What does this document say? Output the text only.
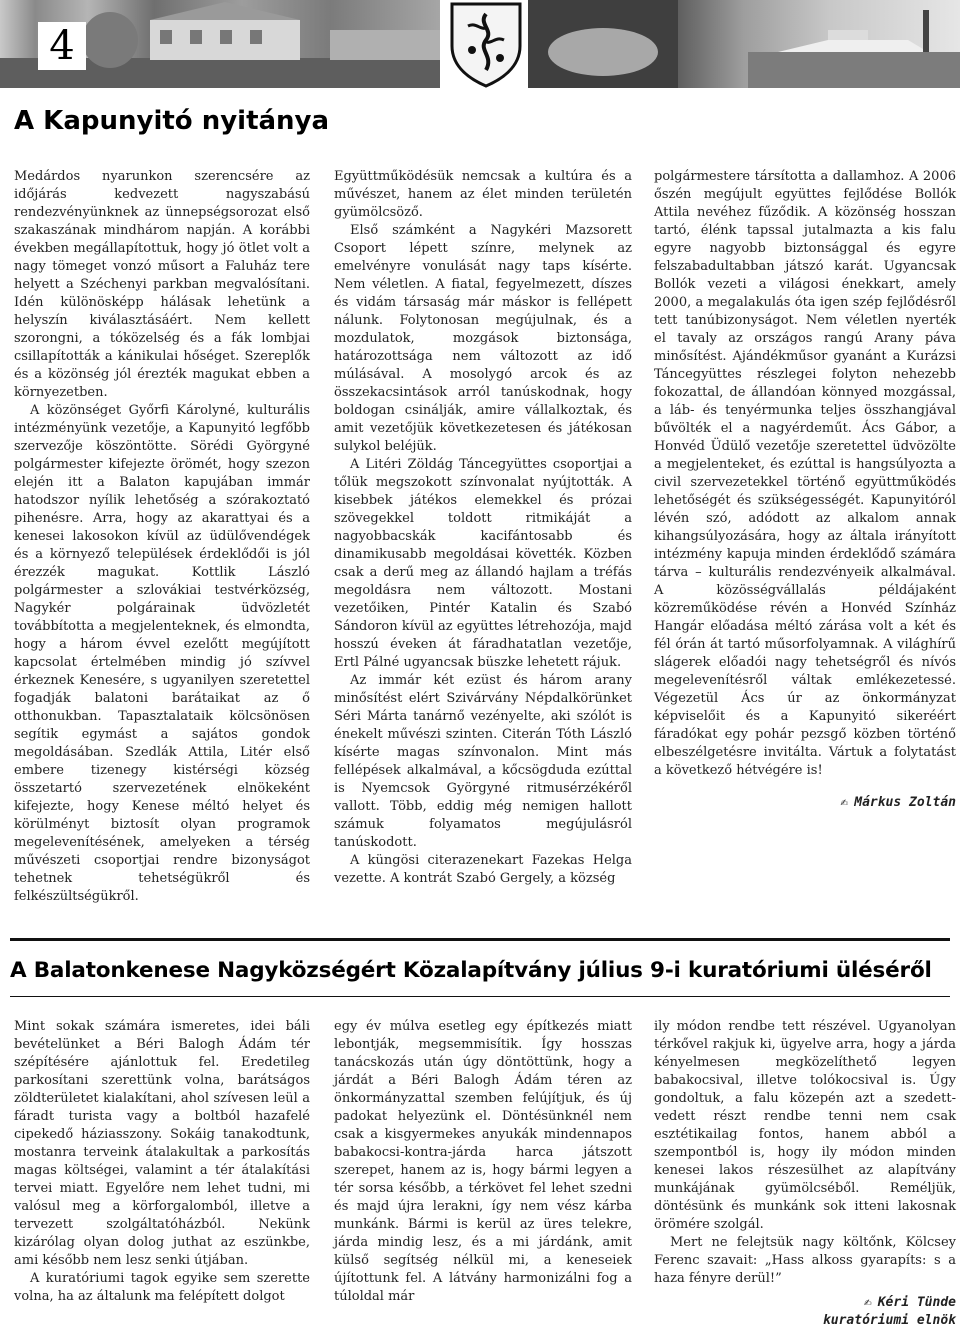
4
A Kapunyitó nyitánya

Medárdos nyarunkon szerencsére az időjárás kedvezett nagyszabású rendezvényünknek az ünnepségsorozat első szakaszának mindhárom napján. A korábbi években megállapítottuk, hogy jó ötlet volt a nagy tömeget vonzó műsort a Faluház tere helyett a Széchenyi parkban megvalósítani. Idén különösképp hálásak lehetünk a helyszín kiválasztásáért. Nem kellett szorongni, a tóközelség és a fák lombjai csillapították a kánikulai hőséget. Szereplők és a közönség jól érezték magukat ebben a környezetben.

A közönséget Győrfi Károlyné, kulturális intézményünk vezetője, a Kapunyitó legfőbb szervezője köszöntötte. Sörédi Györgyné polgármester kifejezte örömét, hogy szezon elején itt a Balaton kapujában immár hatodszor nyílik lehetőség a szórakoztató pihenésre. Arra, hogy az akarattyai és a kenesei lakosokon kívül az üdülővendégek és a környező települések érdeklődői is jól érezzék magukat. Kottlik László polgármester a szlovákiai testvérközség, Nagykér polgárainak üdvözletét továbbította a megjelenteknek, és elmondta, hogy a három évvel ezelőtt megújított kapcsolat értelmében mindig jó szívvel érkeznek Kenesére, s ugyanilyen szeretettel fogadják balatoni barátaikat az ő otthonukban. Tapasztalataik kölcsönösen segítik egymást a sajátos gondok megoldásában. Szedlák Attila, Litér első embere tizenegy kistérségi község összetartó szervezetének elnökeként kifejezte, hogy Kenese méltó helyet és körülményt biztosít olyan programok megelevenítésének, amelyeken a térség művészeti csoportjai rendre bizonyságot tehetnek tehetségükről és felkészültségükről.

Együttműködésük nemcsak a kultúra és a művészet, hanem az élet minden területén gyümölcsöző.

Első számként a Nagykéri Mazsorett Csoport lépett színre, melynek az emelvényre vonulását nagy taps kísérte. Nem véletlen. A fiatal, fegyelmezett, díszes és vidám társaság már máskor is fellépett nálunk. Folytonosan megújulnak, és a mozdulatok, mozgások biztonsága, határozottsága nem változott az idő múlásával. A mosolygó arcok és az összekacsintások arról tanúskodnak, hogy boldogan csinálják, amire vállalkoztak, és amit vezetőjük következetesen és játékosan sulykol beléjük.

A Litéri Zöldág Táncegyüttes csoportjai a tőlük megszokott színvonalat nyújtották. A kisebbek játékos elemekkel és prózai szövegekkel toldott ritmikáját a nagyobbacskák kacifántosabb és dinamikusabb megoldásai követték. Közben csak a derű meg az állandó hajlam a tréfás megoldásra nem változott. Mostani vezetőiken, Pintér Katalin és Szabó Sándoron kívül az együttes létrehozója, majd hosszú éveken át fáradhatatlan vezetője, Ertl Pálné ugyancsak büszke lehetett rájuk.

Az immár két ezüst és három arany minősítést elért Szivárvány Népdalkörünket Séri Márta tanárnő vezényelte, aki szólót is énekelt művészi szinten. Citerán Tóth László kísérte magas színvonalon. Mint más fellépések alkalmával, a kőcsögduda ezúttal is Nyemcsok Györgyné ritmusérzékéről vallott. Több, eddig még nemigen hallott számuk folyamatos megújulásról tanúskodott.

A küngösi citerazenekart Fazekas Helga vezette. A kontrát Szabó Gergely, a község

polgármestere társította a dallamhoz. A 2006 őszén megújult együttes fejlődése Bollók Attila nevéhez fűződik. A közönség hosszan tartó, élénk tapssal jutalmazta a kis falu egyre nagyobb biztonsággal és egyre felszabadultabban játszó karát. Ugyancsak Bollók vezeti a világosi énekkart, amely 2000, a megalakulás óta igen szép fejlődésről tett tanúbizonyságot. Nem véletlen nyerték el tavaly az országos rangú Arany páva minősítést. Ajándékműsor gyanánt a Kurázsi Táncegyüttes részlegei folyton nehezebb fokozattal, de állandóan könnyed mozgással, a láb- és tenyérmunka teljes összhangjával bűvölték el a nagyérdeműt. Ács Gábor, a Honvéd Üdülő vezetője szeretettel üdvözölte a megjelenteket, és ezúttal is hangsúlyozta a civil szervezetekkel történő együttműködés lehetőségét és szükségességét. Kapunyitóról lévén szó, adódott az alkalom annak kihangsúlyozására, hogy az általa irányított intézmény kapuja minden érdeklődő számára tárva – kulturális rendezvényeik alkalmával. A közösségvállalás példájaként közreműködése révén a Honvéd Színház Hangár előadása méltó zárása volt a két és fél órán át tartó műsorfolyamnak. A világhírű slágerek előadói nagy tehetségről és nívós megelevenítésről váltak emlékezetessé. Végezetül Ács úr az önkormányzat képviselőit és a Kapunyitó sikeréért fáradókat egy pohár pezsgő közben történő elbeszélgetésre invitálta. Vártuk a folytatást a következő hétvégére is!

✍ Márkus Zoltán
A Balatonkenese Nagyközségért Közalapítvány július 9-i kuratóriumi üléséről

Mint sokak számára ismeretes, idei báli bevételünket a Béri Balogh Ádám tér szépítésére ajánlottuk fel. Eredetileg parkosítani szerettünk volna, barátságos zöldterületet kialakítani, ahol szívesen leül a fáradt turista vagy a boltból hazafelé cipekedő háziasszony. Sokáig tanakodtunk, mostanra terveink átalakultak a parkosítás magas költségei, valamint a tér átalakítási tervei miatt. Egyelőre nem lehet tudni, mi valósul meg a körforgalomból, illetve a tervezett szolgáltatóházból. Nekünk kizárólag olyan dolog juthat az eszünkbe, ami később nem lesz senki útjában.

A kuratóriumi tagok egyike sem szerette volna, ha az általunk ma felépített dolgot

egy év múlva esetleg egy építkezés miatt lebontják, megsemmisítik. Így hosszas tanácskozás után úgy döntöttünk, hogy a járdát a Béri Balogh Ádám téren az önkormányzattal szemben felújítjuk, és új padokat helyezünk el. Döntésünknél nem csak a kisgyermekes anyukák mindennapos babakocsi-kontra-járda harca játszott szerepet, hanem az is, hogy bármi legyen a tér sorsa később, a térkövet fel lehet szedni és majd újra lerakni, így nem vész kárba munkánk. Bármi is kerül az üres telekre, járda mindig lesz, és a mi járdánk, amit külső segítség nélkül mi, a keneseiek újítottunk fel. A látvány harmonizálni fog a túloldal már

ily módon rendbe tett részével. Ugyanolyan térkővel rakjuk ki, ügyelve arra, hogy a járda kényelmesen megközelíthető legyen babakocsival, illetve tolókocsival is. Úgy gondoltuk, a falu közepén azt a szedett-vedett részt rendbe tenni nem csak esztétikailag fontos, hanem abból a szempontból is, hogy ily módon minden kenesei lakos részesülhet az alapítvány munkájának gyümölcséből. Reméljük, döntésünk és munkánk sok itteni lakosnak örömére szolgál.

Mert ne felejtsük nagy költőnk, Kölcsey Ferenc szavait: „Hass alkoss gyarapíts: s a haza fényre derül!”

✍ Kéri Tünde
kuratóriumi elnök
